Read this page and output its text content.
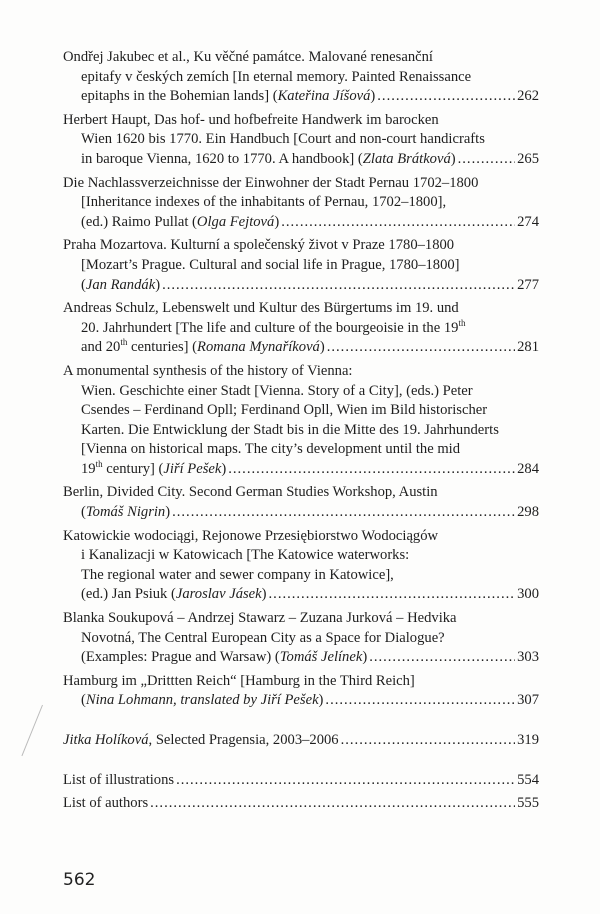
Ondřej Jakubec et al., Ku věčné památce. Malované renesanční
epitafy v českých zemích [In eternal memory. Painted Renaissance
epitaphs in the Bohemian lands] (Kateřina Jíšová) .....	262
Herbert Haupt, Das hof- und hofbefreite Handwerk im barocken
Wien 1620 bis 1770. Ein Handbuch [Court and non-court handicrafts
in baroque Vienna, 1620 to 1770. A handbook] (Zlata Brátková) .....	265
Die Nachlassverzeichnisse der Einwohner der Stadt Pernau 1702–1800
[Inheritance indexes of the inhabitants of Pernau, 1702–1800],
(ed.) Raimo Pullat (Olga Fejtová) .....	274
Praha Mozartova. Kulturní a společenský život v Praze 1780–1800
[Mozart’s Prague. Cultural and social life in Prague, 1780–1800]
(Jan Randák) .....	277
Andreas Schulz, Lebenswelt und Kultur des Bürgertums im 19. und
20. Jahrhundert [The life and culture of the bourgeoisie in the 19th
and 20th centuries] (Romana Mynaříková) .....	281
A monumental synthesis of the history of Vienna:
Wien. Geschichte einer Stadt [Vienna. Story of a City], (eds.) Peter
Csendes – Ferdinand Opll; Ferdinand Opll, Wien im Bild historischer
Karten. Die Entwicklung der Stadt bis in die Mitte des 19. Jahrhunderts
[Vienna on historical maps. The city’s development until the mid
19th century] (Jiří Pešek) .....	284
Berlin, Divided City. Second German Studies Workshop, Austin
(Tomáš Nigrin) .....	298
Katowickie wodociągi, Rejonowe Przesiębiorstwo Wodociągów
i Kanalizacji w Katowicach [The Katowice waterworks:
The regional water and sewer company in Katowice],
(ed.) Jan Psiuk (Jaroslav Jásek) .....	300
Blanka Soukupová – Andrzej Stawarz – Zuzana Jurková – Hedvika
Novotná, The Central European City as a Space for Dialogue?
(Examples: Prague and Warsaw) (Tomáš Jelínek) .....	303
Hamburg im „Drittten Reich“ [Hamburg in the Third Reich]
(Nina Lohmann, translated by Jiří Pešek) .....	307
Jitka Holíková, Selected Pragensia, 2003–2006 .....	319
List of illustrations .....	554
List of authors .....	555
562
